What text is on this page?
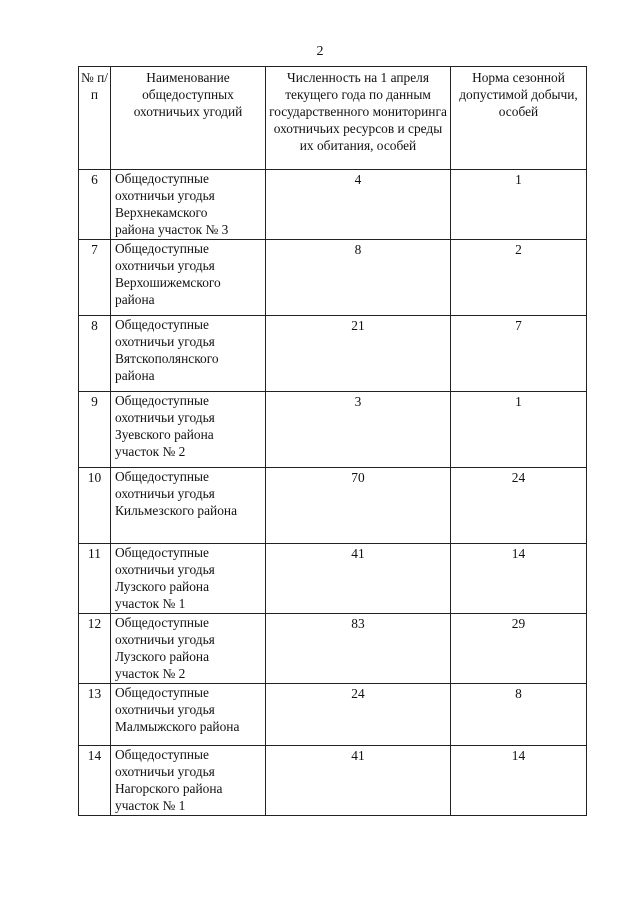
2
№ п/п	Наименование общедоступных охотничьих угодий	Численность на 1 апреля текущего года по данным государственного мониторинга охотничьих ресурсов и среды их обитания, особей	Норма сезонной допустимой добычи, особей
6	Общедоступные
охотничьи угодья
Верхнекамского
района участок № 3	4	1
7	Общедоступные
охотничьи угодья
Верхошижемского
района	8	2
8	Общедоступные
охотничьи угодья
Вятскополянского
района	21	7
9	Общедоступные
охотничьи угодья
Зуевского района
участок № 2	3	1
10	Общедоступные
охотничьи угодья
Кильмезского района	70	24
11	Общедоступные
охотничьи угодья
Лузского района
участок № 1	41	14
12	Общедоступные
охотничьи угодья
Лузского района
участок № 2	83	29
13	Общедоступные
охотничьи угодья
Малмыжского района	24	8
14	Общедоступные
охотничьи угодья
Нагорского района
участок № 1	41	14
